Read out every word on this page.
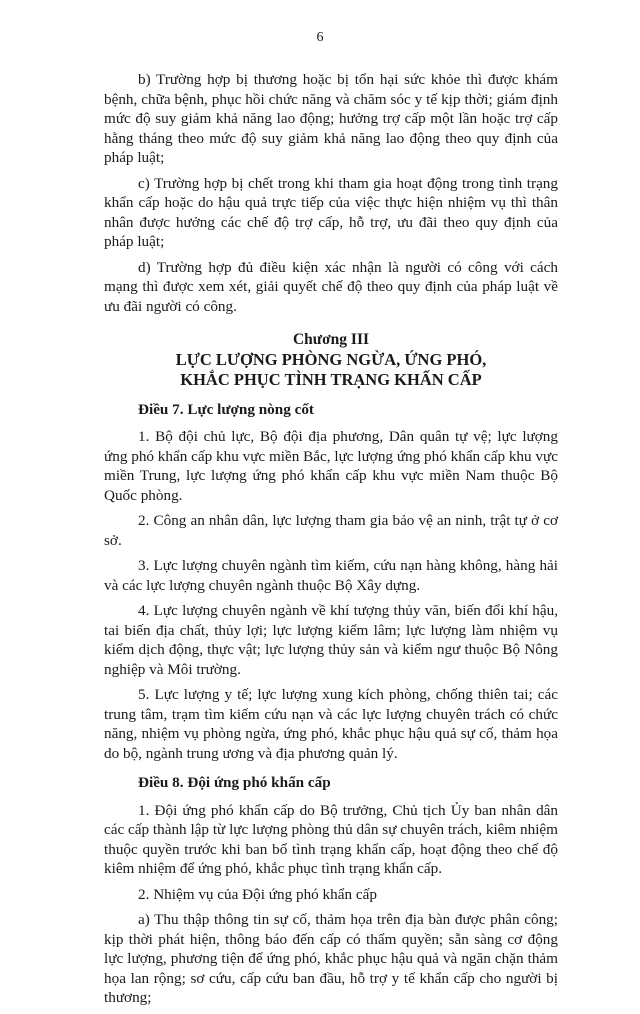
6

b) Trường hợp bị thương hoặc bị tổn hại sức khỏe thì được khám bệnh, chữa bệnh, phục hồi chức năng và chăm sóc y tế kịp thời; giám định mức độ suy giảm khả năng lao động; hưởng trợ cấp một lần hoặc trợ cấp hằng tháng theo mức độ suy giảm khả năng lao động theo quy định của pháp luật;

c) Trường hợp bị chết trong khi tham gia hoạt động trong tình trạng khẩn cấp hoặc do hậu quả trực tiếp của việc thực hiện nhiệm vụ thì thân nhân được hưởng các chế độ trợ cấp, hỗ trợ, ưu đãi theo quy định của pháp luật;

d) Trường hợp đủ điều kiện xác nhận là người có công với cách mạng thì được xem xét, giải quyết chế độ theo quy định của pháp luật về ưu đãi người có công.

Chương III
LỰC LƯỢNG PHÒNG NGỪA, ỨNG PHÓ,
KHẮC PHỤC TÌNH TRẠNG KHẨN CẤP
Điều 7. Lực lượng nòng cốt

1. Bộ đội chủ lực, Bộ đội địa phương, Dân quân tự vệ; lực lượng ứng phó khẩn cấp khu vực miền Bắc, lực lượng ứng phó khẩn cấp khu vực miền Trung, lực lượng ứng phó khẩn cấp khu vực miền Nam thuộc Bộ Quốc phòng.

2. Công an nhân dân, lực lượng tham gia bảo vệ an ninh, trật tự ở cơ sở.

3. Lực lượng chuyên ngành tìm kiếm, cứu nạn hàng không, hàng hải và các lực lượng chuyên ngành thuộc Bộ Xây dựng.

4. Lực lượng chuyên ngành về khí tượng thủy văn, biến đổi khí hậu, tai biến địa chất, thủy lợi; lực lượng kiểm lâm; lực lượng làm nhiệm vụ kiểm dịch động, thực vật; lực lượng thủy sản và kiểm ngư thuộc Bộ Nông nghiệp và Môi trường.

5. Lực lượng y tế; lực lượng xung kích phòng, chống thiên tai; các trung tâm, trạm tìm kiếm cứu nạn và các lực lượng chuyên trách có chức năng, nhiệm vụ phòng ngừa, ứng phó, khắc phục hậu quả sự cố, thảm họa do bộ, ngành trung ương và địa phương quản lý.

Điều 8. Đội ứng phó khẩn cấp

1. Đội ứng phó khẩn cấp do Bộ trưởng, Chủ tịch Ủy ban nhân dân các cấp thành lập từ lực lượng phòng thủ dân sự chuyên trách, kiêm nhiệm thuộc quyền trước khi ban bố tình trạng khẩn cấp, hoạt động theo chế độ kiêm nhiệm để ứng phó, khắc phục tình trạng khẩn cấp.

2. Nhiệm vụ của Đội ứng phó khẩn cấp

a) Thu thập thông tin sự cố, thảm họa trên địa bàn được phân công; kịp thời phát hiện, thông báo đến cấp có thẩm quyền; sẵn sàng cơ động lực lượng, phương tiện để ứng phó, khắc phục hậu quả và ngăn chặn thảm họa lan rộng; sơ cứu, cấp cứu ban đầu, hỗ trợ y tế khẩn cấp cho người bị thương;
